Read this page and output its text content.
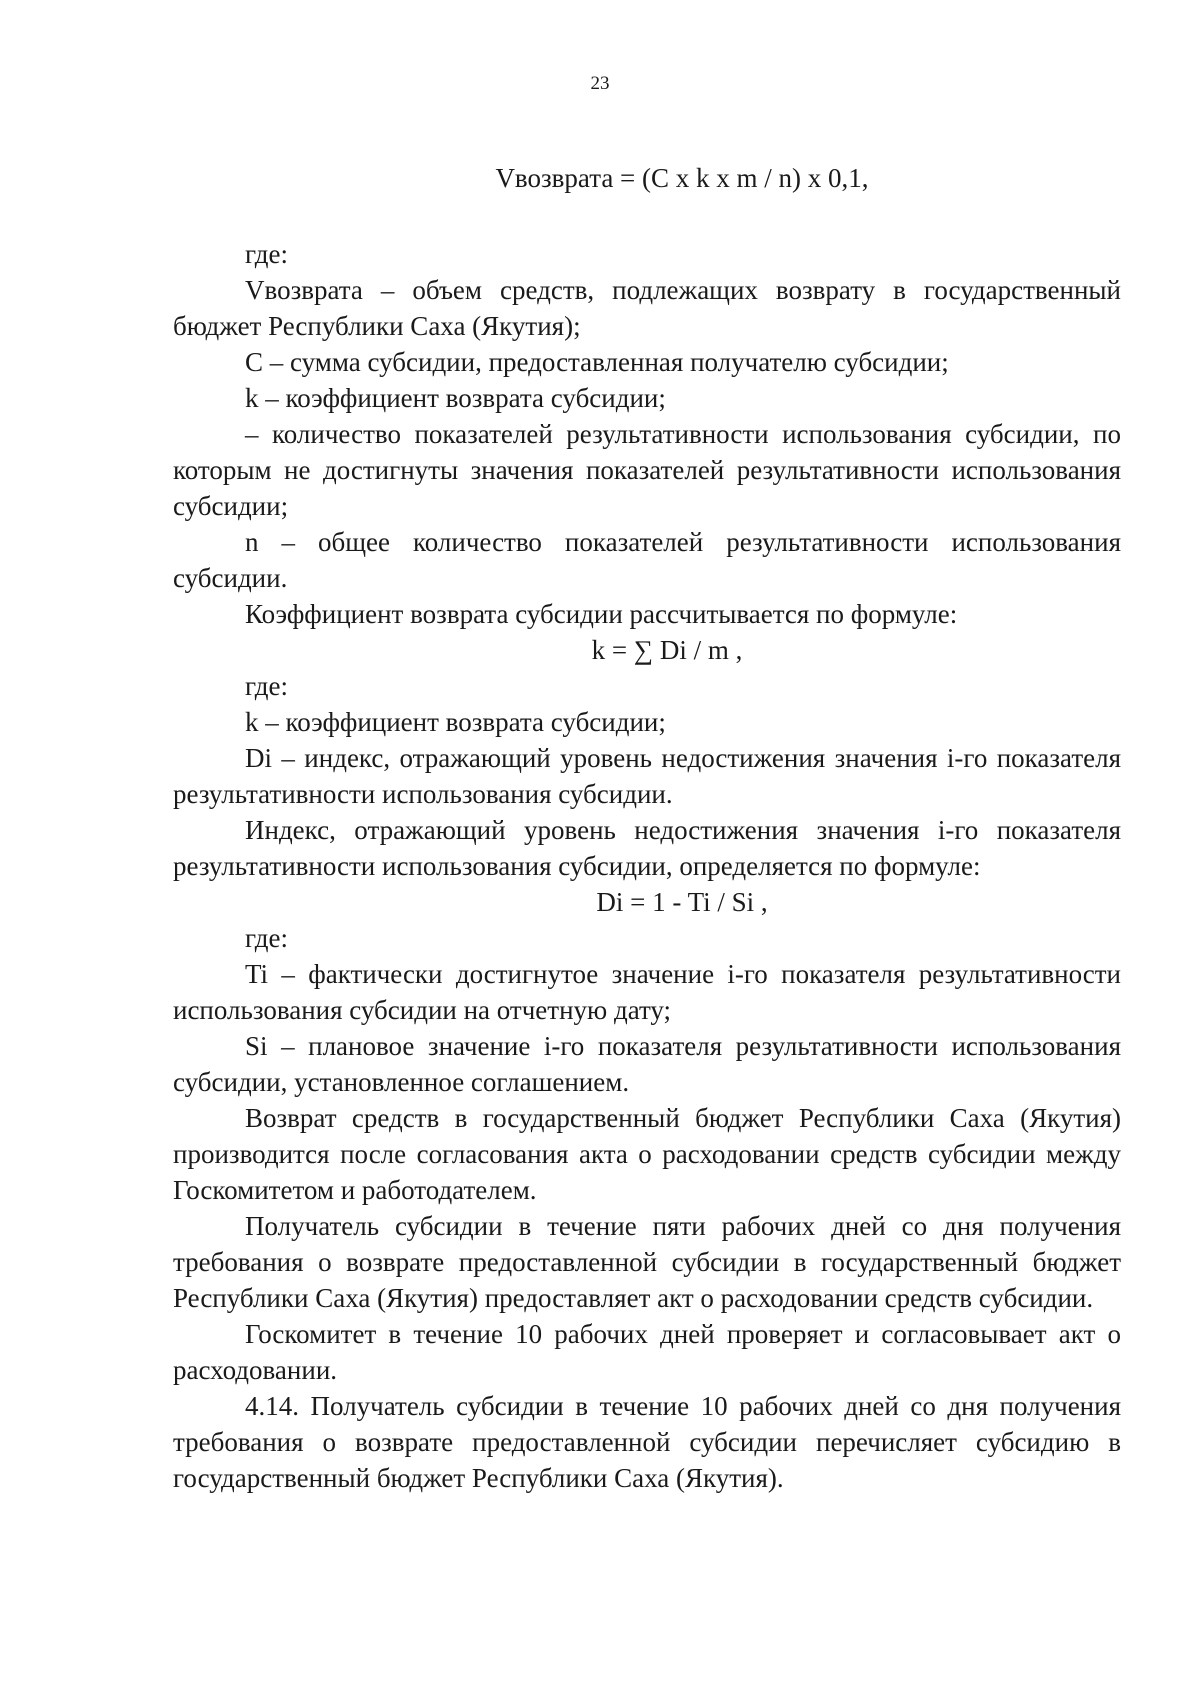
23
Vвозврата = (C x k x m / n) x 0,1,
где:

Vвозврата – объем средств, подлежащих возврату в государственный бюджет Республики Саха (Якутия);

C – сумма субсидии, предоставленная получателю субсидии;

k – коэффициент возврата субсидии;

– количество показателей результативности использования субсидии, по которым не достигнуты значения показателей результативности использования субсидии;

n – общее количество показателей результативности использования субсидии.

Коэффициент возврата субсидии рассчитывается по формуле:

k = ∑ Di / m ,
где:

k – коэффициент возврата субсидии;

Di – индекс, отражающий уровень недостижения значения i-го показателя результативности использования субсидии.

Индекс, отражающий уровень недостижения значения i-го показателя результативности использования субсидии, определяется по формуле:

Di = 1 - Ti / Si ,
где:

Ti – фактически достигнутое значение i-го показателя результативности использования субсидии на отчетную дату;

Si – плановое значение i-го показателя результативности использования субсидии, установленное соглашением.

Возврат средств в государственный бюджет Республики Саха (Якутия) производится после согласования акта о расходовании средств субсидии между Госкомитетом и работодателем.

Получатель субсидии в течение пяти рабочих дней со дня получения требования о возврате предоставленной субсидии в государственный бюджет Республики Саха (Якутия) предоставляет акт о расходовании средств субсидии.

Госкомитет в течение 10 рабочих дней проверяет и согласовывает акт о расходовании.

4.14. Получатель субсидии в течение 10 рабочих дней со дня получения требования о возврате предоставленной субсидии перечисляет субсидию в государственный бюджет Республики Саха (Якутия).
